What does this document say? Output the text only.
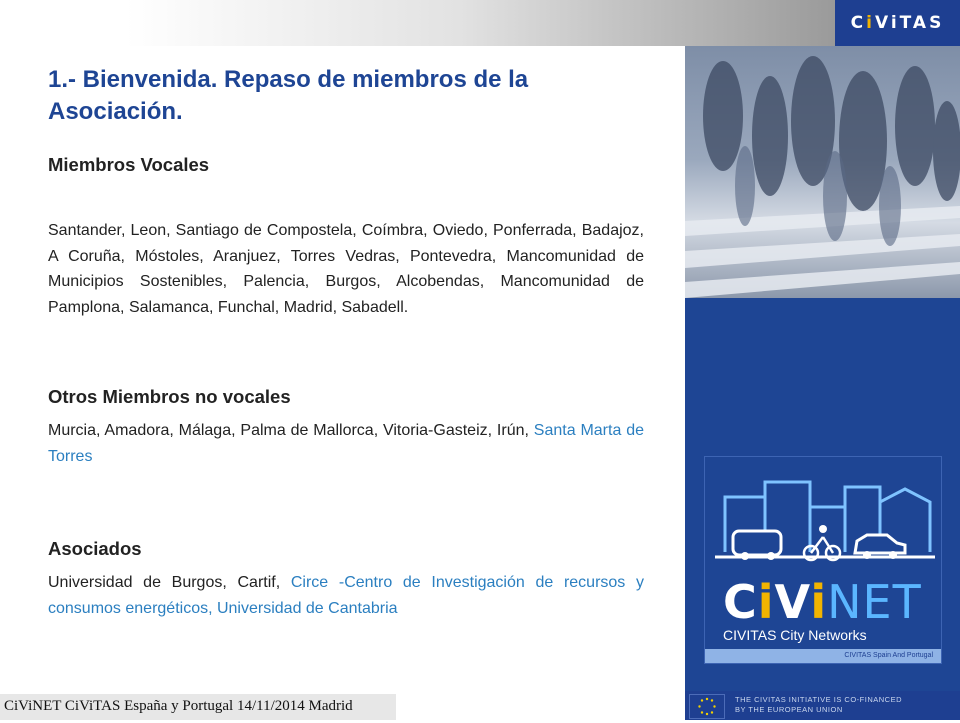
CiViTAS
CiViNET
CIVITAS City Networks
CIVITAS Spain And Portugal
THE CIVITAS INITIATIVE IS CO-FINANCED
BY THE EUROPEAN UNION
1.- Bienvenida. Repaso de miembros de la Asociación.
Miembros Vocales

Santander, Leon, Santiago de Compostela, Coímbra, Oviedo, Ponferrada, Badajoz, A Coruña, Móstoles, Aranjuez, Torres Vedras, Pontevedra, Mancomunidad de Municipios Sostenibles, Palencia, Burgos, Alcobendas, Mancomunidad de Pamplona, Salamanca, Funchal, Madrid, Sabadell.

Otros Miembros no vocales

Murcia, Amadora, Málaga, Palma de Mallorca, Vitoria-Gasteiz, Irún, Santa Marta de Torres

Asociados

Universidad de Burgos, Cartif, Circe -Centro de Investigación de recursos y consumos energéticos, Universidad de Cantabria

CiViNET CiViTAS España y Portugal 14/11/2014 Madrid
